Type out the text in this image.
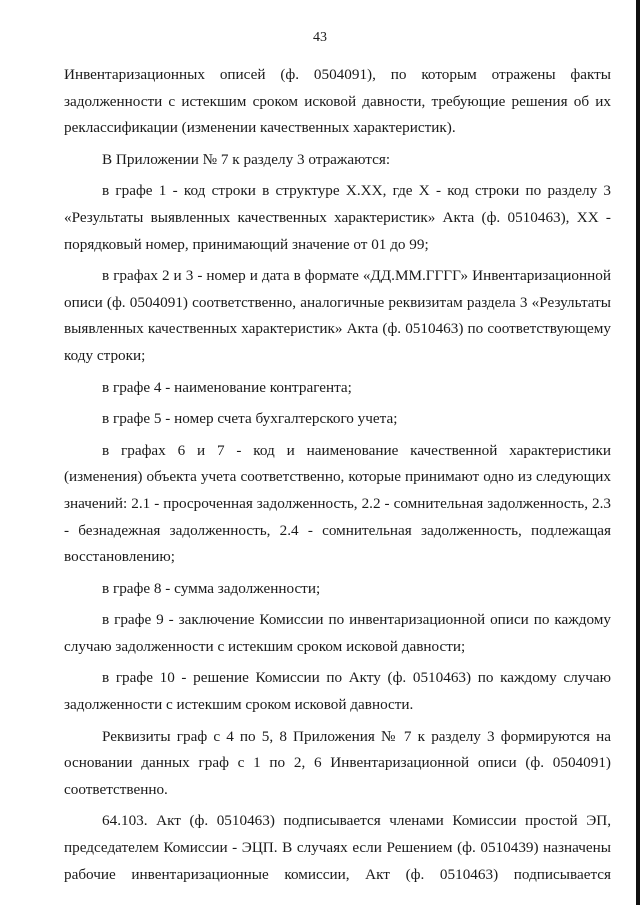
43

Инвентаризационных описей (ф. 0504091), по которым отражены факты задолженности с истекшим сроком исковой давности, требующие решения об их реклассификации (изменении качественных характеристик).

В Приложении № 7 к разделу 3 отражаются:

в графе 1 - код строки в структуре X.XX, где X - код строки по разделу 3 «Результаты выявленных качественных характеристик» Акта (ф. 0510463), XX - порядковый номер, принимающий значение от 01 до 99;

в графах 2 и 3 - номер и дата в формате «ДД.ММ.ГГГГ» Инвентаризационной описи (ф. 0504091) соответственно, аналогичные реквизитам раздела 3 «Результаты выявленных качественных характеристик» Акта (ф. 0510463) по соответствующему коду строки;

в графе 4 - наименование контрагента;

в графе 5 - номер счета бухгалтерского учета;

в графах 6 и 7 - код и наименование качественной характеристики (изменения) объекта учета соответственно, которые принимают одно из следующих значений: 2.1 - просроченная задолженность, 2.2 - сомнительная задолженность, 2.3 - безнадежная задолженность, 2.4 - сомнительная задолженность, подлежащая восстановлению;

в графе 8 - сумма задолженности;

в графе 9 - заключение Комиссии по инвентаризационной описи по каждому случаю задолженности с истекшим сроком исковой давности;

в графе 10 - решение Комиссии по Акту (ф. 0510463) по каждому случаю задолженности с истекшим сроком исковой давности.

Реквизиты граф с 4 по 5, 8 Приложения № 7 к разделу 3 формируются на основании данных граф с 1 по 2, 6 Инвентаризационной описи (ф. 0504091) соответственно.

64.103. Акт (ф. 0510463) подписывается членами Комиссии простой ЭП, председателем Комиссии - ЭЦП. В случаях если Решением (ф. 0510439) назначены рабочие инвентаризационные комиссии, Акт (ф. 0510463) подписывается
